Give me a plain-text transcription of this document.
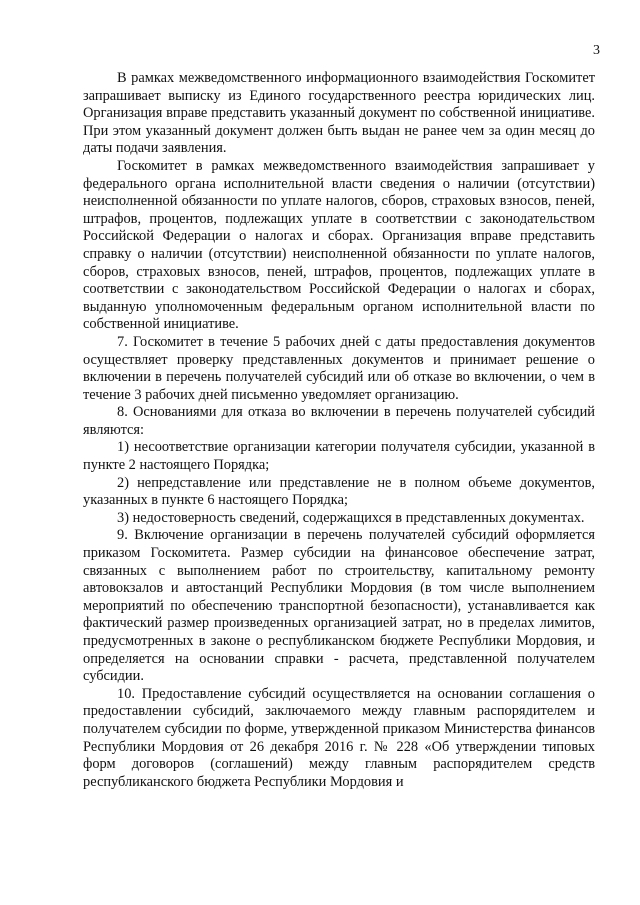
3

В рамках межведомственного информационного взаимодействия Госкомитет запрашивает выписку из Единого государственного реестра юридических лиц. Организация вправе представить указанный документ по собственной инициативе. При этом указанный документ должен быть выдан не ранее чем за один месяц до даты подачи заявления.

Госкомитет в рамках межведомственного взаимодействия запрашивает у федерального органа исполнительной власти сведения о наличии (отсутствии) неисполненной обязанности по уплате налогов, сборов, страховых взносов, пеней, штрафов, процентов, подлежащих уплате в соответствии с законодательством Российской Федерации о налогах и сборах. Организация вправе представить справку о наличии (отсутствии) неисполненной обязанности по уплате налогов, сборов, страховых взносов, пеней, штрафов, процентов, подлежащих уплате в соответствии с законодательством Российской Федерации о налогах и сборах, выданную уполномоченным федеральным органом исполнительной власти по собственной инициативе.

7. Госкомитет в течение 5 рабочих дней с даты предоставления документов осуществляет проверку представленных документов и принимает решение о включении в перечень получателей субсидий или об отказе во включении, о чем в течение 3 рабочих дней письменно уведомляет организацию.

8. Основаниями для отказа во включении в перечень получателей субсидий являются:

1) несоответствие организации категории получателя субсидии, указанной в пункте 2 настоящего Порядка;

2) непредставление или представление не в полном объеме документов, указанных в пункте 6 настоящего Порядка;

3) недостоверность сведений, содержащихся в представленных документах.

9. Включение организации в перечень получателей субсидий оформляется приказом Госкомитета. Размер субсидии на финансовое обеспечение затрат, связанных с выполнением работ по строительству, капитальному ремонту автовокзалов и автостанций Республики Мордовия (в том числе выполнением мероприятий по обеспечению транспортной безопасности), устанавливается как фактический размер произведенных организацией затрат, но в пределах лимитов, предусмотренных в законе о республиканском бюджете Республики Мордовия, и определяется на основании справки - расчета, представленной получателем субсидии.

10. Предоставление субсидий осуществляется на основании соглашения о предоставлении субсидий, заключаемого между главным распорядителем и получателем субсидии по форме, утвержденной приказом Министерства финансов Республики Мордовия от 26 декабря 2016 г. № 228 «Об утверждении типовых форм договоров (соглашений) между главным распорядителем средств республиканского бюджета Республики Мордовия и
